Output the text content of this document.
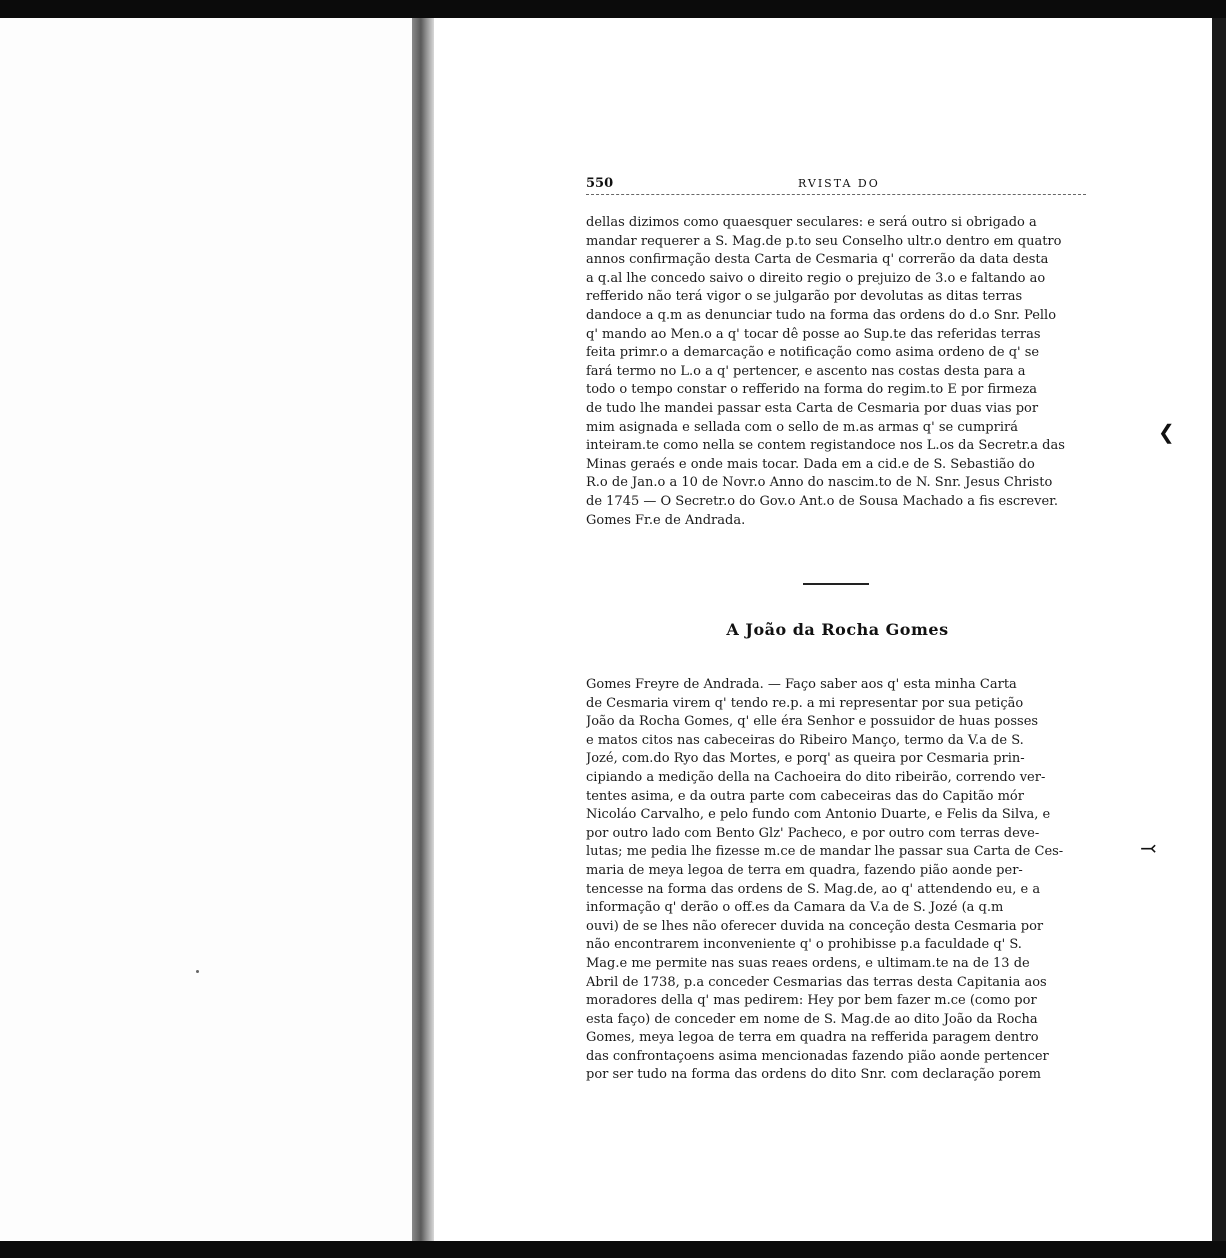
550	RVISTA DO
dellas dizimos como quaesquer seculares: e será outro si obrigado a
mandar requerer a S. Mag.de p.to seu Conselho ultr.o dentro em quatro
annos confirmação desta Carta de Cesmaria q' correrão da data desta
a q.al lhe concedo saivo o direito regio o prejuizo de 3.o e faltando ao
refferido não terá vigor o se julgarão por devolutas as ditas terras
dandoce a q.m as denunciar tudo na forma das ordens do d.o Snr. Pello
q' mando ao Men.o a q' tocar dê posse ao Sup.te das referidas terras
feita primr.o a demarcação e notificação como asima ordeno de q' se
fará termo no L.o a q' pertencer, e ascento nas costas desta para a
todo o tempo constar o refferido na forma do regim.to E por firmeza
de tudo lhe mandei passar esta Carta de Cesmaria por duas vias por
mim asignada e sellada com o sello de m.as armas q' se cumprirá
inteiram.te como nella se contem registandoce nos L.os da Secretr.a das
Minas geraés e onde mais tocar. Dada em a cid.e de S. Sebastião do
R.o de Jan.o a 10 de Novr.o Anno do nascim.to de N. Snr. Jesus Christo
de 1745 — O Secretr.o do Gov.o Ant.o de Sousa Machado a fis escrever.
Gomes Fr.e de Andrada.
A João da Rocha Gomes
Gomes Freyre de Andrada. — Faço saber aos q' esta minha Carta
de Cesmaria virem q' tendo re.p. a mi representar por sua petição
João da Rocha Gomes, q' elle éra Senhor e possuidor de huas posses
e matos citos nas cabeceiras do Ribeiro Manço, termo da V.a de S.
Jozé, com.do Ryo das Mortes, e porq' as queira por Cesmaria prin-
cipiando a medição della na Cachoeira do dito ribeirão, correndo ver-
tentes asima, e da outra parte com cabeceiras das do Capitão mór
Nicoláo Carvalho, e pelo fundo com Antonio Duarte, e Felis da Silva, e
por outro lado com Bento Glz' Pacheco, e por outro com terras deve-
lutas; me pedia lhe fizesse m.ce de mandar lhe passar sua Carta de Ces-
maria de meya legoa de terra em quadra, fazendo pião aonde per-
tencesse na forma das ordens de S. Mag.de, ao q' attendendo eu, e a
informação q' derão o off.es da Camara da V.a de S. Jozé (a q.m
ouvi) de se lhes não oferecer duvida na conceção desta Cesmaria por
não encontrarem inconveniente q' o prohibisse p.a faculdade q' S.
Mag.e me permite nas suas reaes ordens, e ultimam.te na de 13 de
Abril de 1738, p.a conceder Cesmarias das terras desta Capitania aos
moradores della q' mas pedirem: Hey por bem fazer m.ce (como por
esta faço) de conceder em nome de S. Mag.de ao dito João da Rocha
Gomes, meya legoa de terra em quadra na refferida paragem dentro
das confrontaçoens asima mencionadas fazendo pião aonde pertencer
por ser tudo na forma das ordens do dito Snr. com declaração porem
❮
⤙
